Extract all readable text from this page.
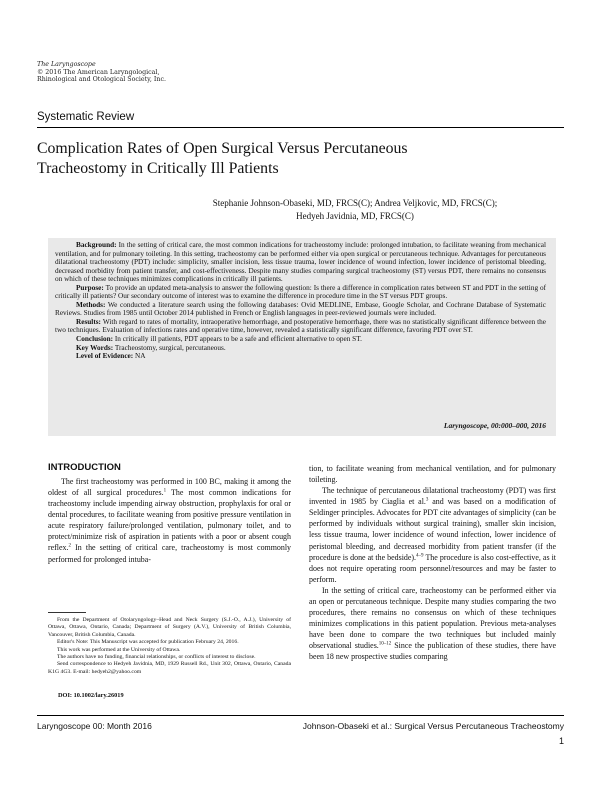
The Laryngoscope
© 2016 The American Laryngological,
Rhinological and Otological Society, Inc.
Systematic Review
Complication Rates of Open Surgical Versus Percutaneous
Tracheostomy in Critically Ill Patients
Stephanie Johnson-Obaseki, MD, FRCS(C); Andrea Veljkovic, MD, FRCS(C);
Hedyeh Javidnia, MD, FRCS(C)

Background: In the setting of critical care, the most common indications for tracheostomy include: prolonged intubation, to facilitate weaning from mechanical ventilation, and for pulmonary toileting. In this setting, tracheostomy can be performed either via open surgical or percutaneous technique. Advantages for percutaneous dilatational tracheostomy (PDT) include: simplicity, smaller incision, less tissue trauma, lower incidence of wound infection, lower incidence of peristomal bleeding, decreased morbidity from patient transfer, and cost-effectiveness. Despite many studies comparing surgical tracheostomy (ST) versus PDT, there remains no consensus on which of these techniques minimizes complications in critically ill patients.

Purpose: To provide an updated meta-analysis to answer the following question: Is there a difference in complication rates between ST and PDT in the setting of critically ill patients? Our secondary outcome of interest was to examine the difference in procedure time in the ST versus PDT groups.

Methods: We conducted a literature search using the following databases: Ovid MEDLINE, Embase, Google Scholar, and Cochrane Database of Systematic Reviews. Studies from 1985 until October 2014 published in French or English languages in peer-reviewed journals were included.

Results: With regard to rates of mortality, intraoperative hemorrhage, and postoperative hemorrhage, there was no statistically significant difference between the two techniques. Evaluation of infections rates and operative time, however, revealed a statistically significant difference, favoring PDT over ST.

Conclusion: In critically ill patients, PDT appears to be a safe and efficient alternative to open ST.

Key Words: Tracheostomy, surgical, percutaneous.

Level of Evidence: NA

Laryngoscope, 00:000–000, 2016
INTRODUCTION

The first tracheostomy was performed in 100 BC, making it among the oldest of all surgical procedures.$^1$ The most common indications for tracheostomy include impending airway obstruction, prophylaxis for oral or dental procedures, to facilitate weaning from positive pressure ventilation in acute respiratory failure/prolonged ventilation, pulmonary toilet, and to protect/minimize risk of aspiration in patients with a poor or absent cough reflex.$^2$ In the setting of critical care, tracheostomy is most commonly performed for prolonged intuba-

From the Department of Otolaryngology–Head and Neck Surgery (S.J.-O., A.J.), University of Ottawa, Ottawa, Ontario, Canada; Department of Surgery (A.V.), University of British Columbia, Vancouver, British Columbia, Canada.

Editor's Note: This Manuscript was accepted for publication February 24, 2016.

This work was performed at the University of Ottawa.

The authors have no funding, financial relationships, or conflicts of interest to disclose.

Send correspondence to Hedyeh Javidnia, MD, 1929 Russell Rd., Unit 302, Ottawa, Ontario, Canada K1G 4G3. E-mail: hedyeh2@yahoo.com

DOI: 10.1002/lary.26019

tion, to facilitate weaning from mechanical ventilation, and for pulmonary toileting.

The technique of percutaneous dilatational tracheostomy (PDT) was first invented in 1985 by Ciaglia et al.$^3$ and was based on a modification of Seldinger principles. Advocates for PDT cite advantages of simplicity (can be performed by individuals without surgical training), smaller skin incision, less tissue trauma, lower incidence of wound infection, lower incidence of peristomal bleeding, and decreased morbidity from patient transfer (if the procedure is done at the bedside).$^{4-9}$ The procedure is also cost-effective, as it does not require operating room personnel/resources and may be faster to perform.

In the setting of critical care, tracheostomy can be performed either via an open or percutaneous technique. Despite many studies comparing the two procedures, there remains no consensus on which of these techniques minimizes complications in this patient population. Previous meta-analyses have been done to compare the two techniques but included mainly observational studies.$^{10-12}$ Since the publication of these studies, there have been 18 new prospective studies comparing

Laryngoscope 00: Month 2016	Johnson-Obaseki et al.: Surgical Versus Percutaneous Tracheostomy
1
